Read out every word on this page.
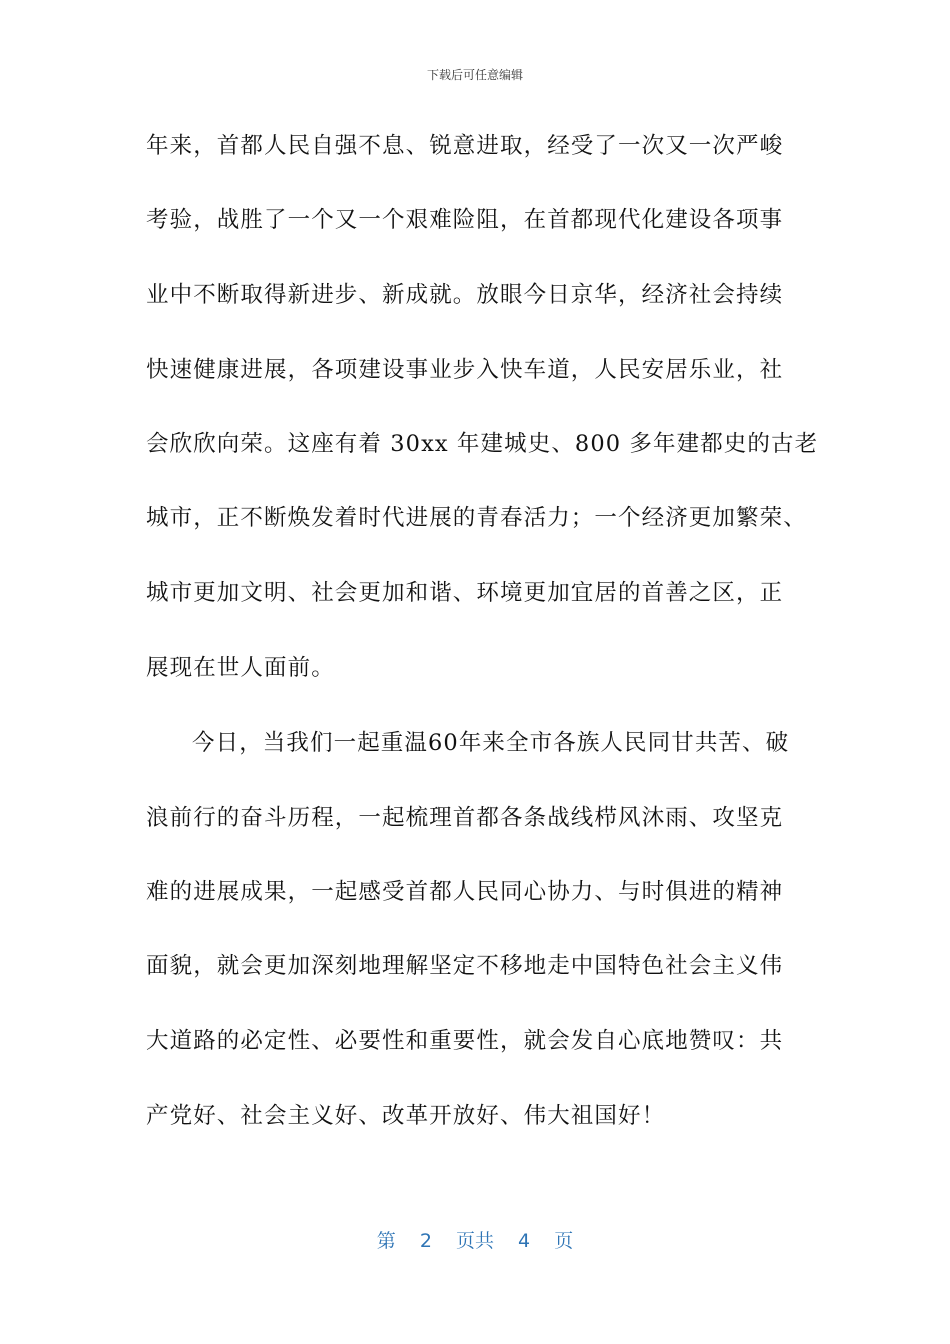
下载后可任意编辑
年来，首都人民自强不息、锐意进取，经受了一次又一次严峻
考验，战胜了一个又一个艰难险阻，在首都现代化建设各项事
业中不断取得新进步、新成就。放眼今日京华，经济社会持续
快速健康进展，各项建设事业步入快车道，人民安居乐业，社
会欣欣向荣。这座有着 30xx 年建城史、800 多年建都史的古老
城市，正不断焕发着时代进展的青春活力；一个经济更加繁荣、
城市更加文明、社会更加和谐、环境更加宜居的首善之区，正
展现在世人面前。
今日，当我们一起重温60年来全市各族人民同甘共苦、破
浪前行的奋斗历程，一起梳理首都各条战线栉风沐雨、攻坚克
难的进展成果，一起感受首都人民同心协力、与时俱进的精神
面貌，就会更加深刻地理解坚定不移地走中国特色社会主义伟
大道路的必定性、必要性和重要性，就会发自心底地赞叹：共
产党好、社会主义好、改革开放好、伟大祖国好！
第 2 页共 4 页
